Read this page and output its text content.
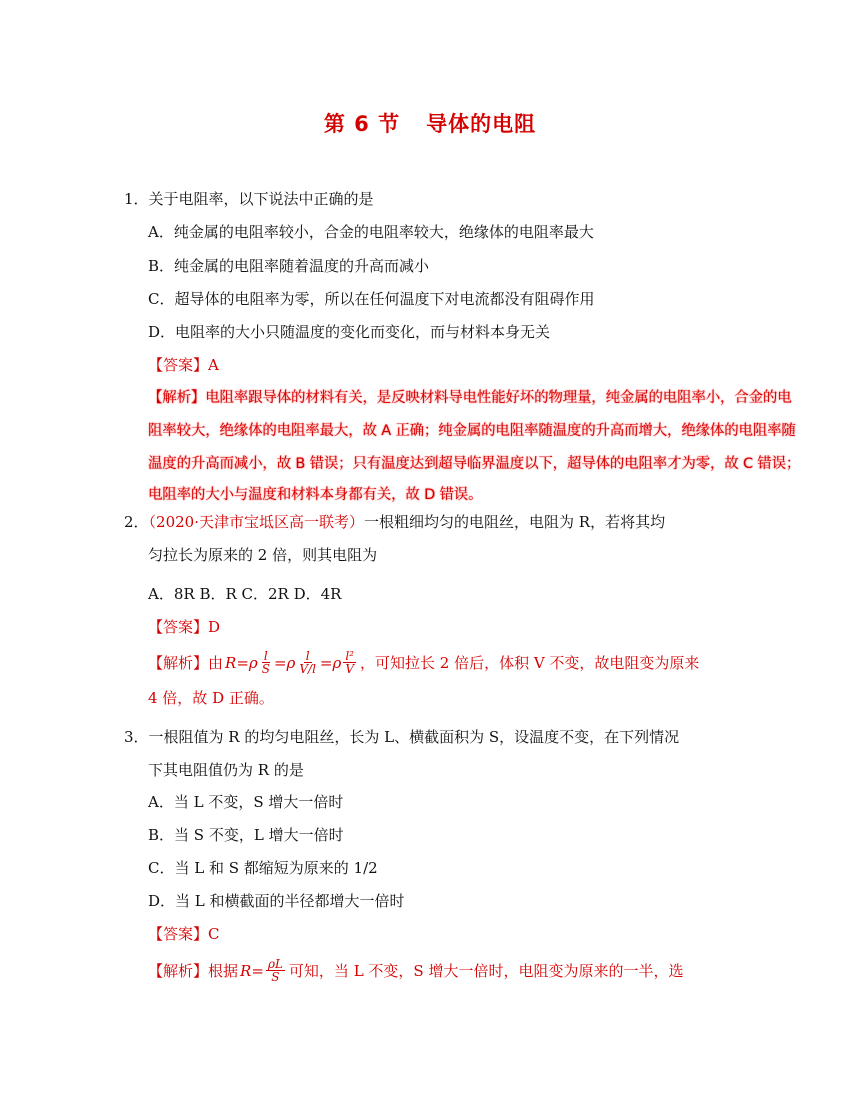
第 6 节 导体的电阻
1．关于电阻率，以下说法中正确的是
A．纯金属的电阻率较小，合金的电阻率较大，绝缘体的电阻率最大
B．纯金属的电阻率随着温度的升高而减小
C．超导体的电阻率为零，所以在任何温度下对电流都没有阻碍作用
D．电阻率的大小只随温度的变化而变化，而与材料本身无关
【答案】A
【解析】电阻率跟导体的材料有关，是反映材料导电性能好坏的物理量，纯金属的电阻率小，合金的电
阻率较大，绝缘体的电阻率最大，故 A 正确；纯金属的电阻率随温度的升高而增大，绝缘体的电阻率随
温度的升高而减小，故 B 错误；只有温度达到超导临界温度以下，超导体的电阻率才为零，故 C 错误；
电阻率的大小与温度和材料本身都有关，故 D 错误。
2．（2020·天津市宝坻区高一联考）一根粗细均匀的电阻丝，电阻为 R，若将其均
匀拉长为原来的 2 倍，则其电阻为
A．8R B．R C．2R D．4R
【答案】D
【解析】由 R = ρ $\frac{l}{S} = \rho \frac{l}{V/l} = \rho \frac{\text{l²}}{V}$ ，可知拉长 2 倍后，体积 V 不变，故电阻变为原来
4 倍，故 D 正确。
3．一根阻值为 R 的均匀电阻丝，长为 L、横截面积为 S，设温度不变，在下列情况
下其电阻值仍为 R 的是
A．当 L 不变，S 增大一倍时
B．当 S 不变，L 增大一倍时
C．当 L 和 S 都缩短为原来的 1/2
D．当 L 和横截面的半径都增大一倍时
【答案】C
【解析】根据 $R = \frac{\rho L}{S}$ 可知，当 L 不变，S 增大一倍时，电阻变为原来的一半，选
